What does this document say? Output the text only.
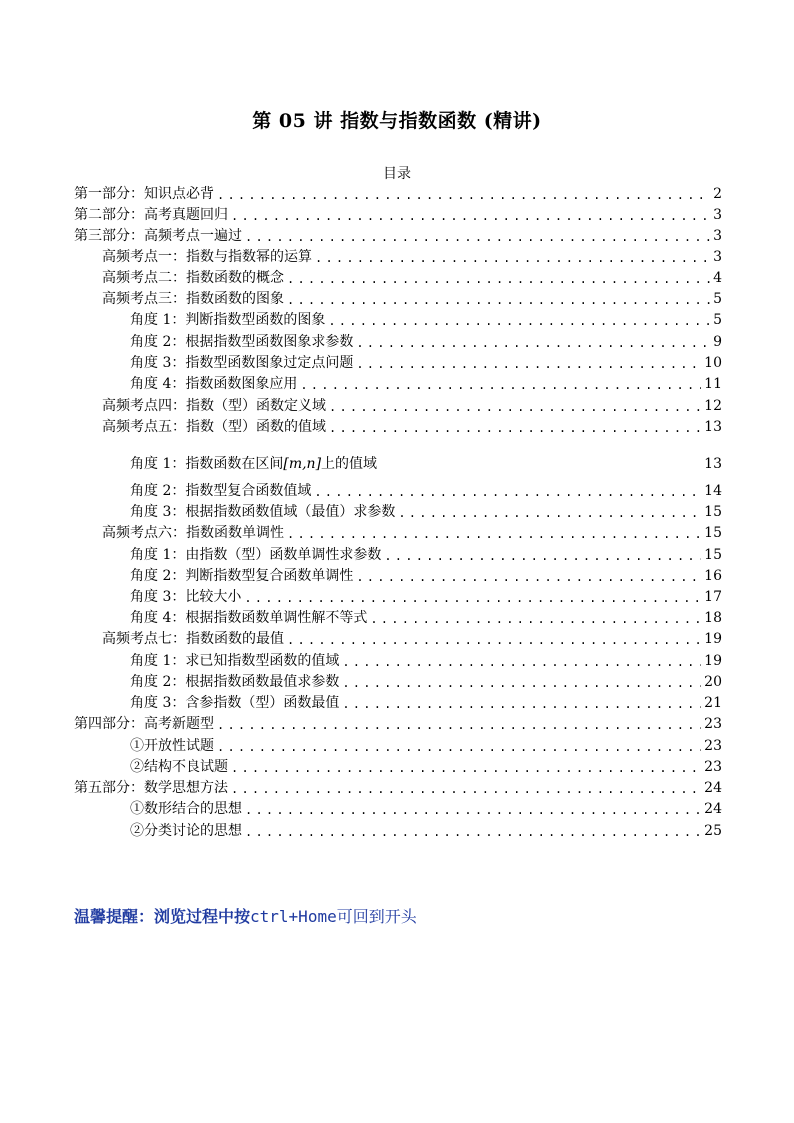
第 05 讲 指数与指数函数 (精讲)
目录
第一部分：知识点必背 . . .	2
第二部分：高考真题回归 . . .	3
第三部分：高频考点一遍过 . . .	3
高频考点一：指数与指数幂的运算 . . .	3
高频考点二：指数函数的概念 . . .	4
高频考点三：指数函数的图象 . . .	5
角度 1：判断指数型函数的图象 . . .	5
角度 2：根据指数型函数图象求参数 . . .	9
角度 3：指数型函数图象过定点问题 . . .	10
角度 4：指数函数图象应用 . . .	11
高频考点四：指数（型）函数定义域 . . .	12
高频考点五：指数（型）函数的值域 . . .	13
角度 1：指数函数在区间[m,n]上的值域	13
角度 2：指数型复合函数值域 . . .	14
角度 3：根据指数函数值域（最值）求参数 . . .	15
高频考点六：指数函数单调性 . . .	15
角度 1：由指数（型）函数单调性求参数 . . .	15
角度 2：判断指数型复合函数单调性 . . .	16
角度 3：比较大小 . . .	17
角度 4：根据指数函数单调性解不等式 . . .	18
高频考点七：指数函数的最值 . . .	19
角度 1：求已知指数型函数的值域 . . .	19
角度 2：根据指数函数最值求参数 . . .	20
角度 3：含参指数（型）函数最值 . . .	21
第四部分：高考新题型 . . .	23
①开放性试题 . . .	23
②结构不良试题 . . .	23
第五部分：数学思想方法 . . .	24
①数形结合的思想 . . .	24
②分类讨论的思想 . . .	25
温馨提醒：浏览过程中按ctrl+Home可回到开头
